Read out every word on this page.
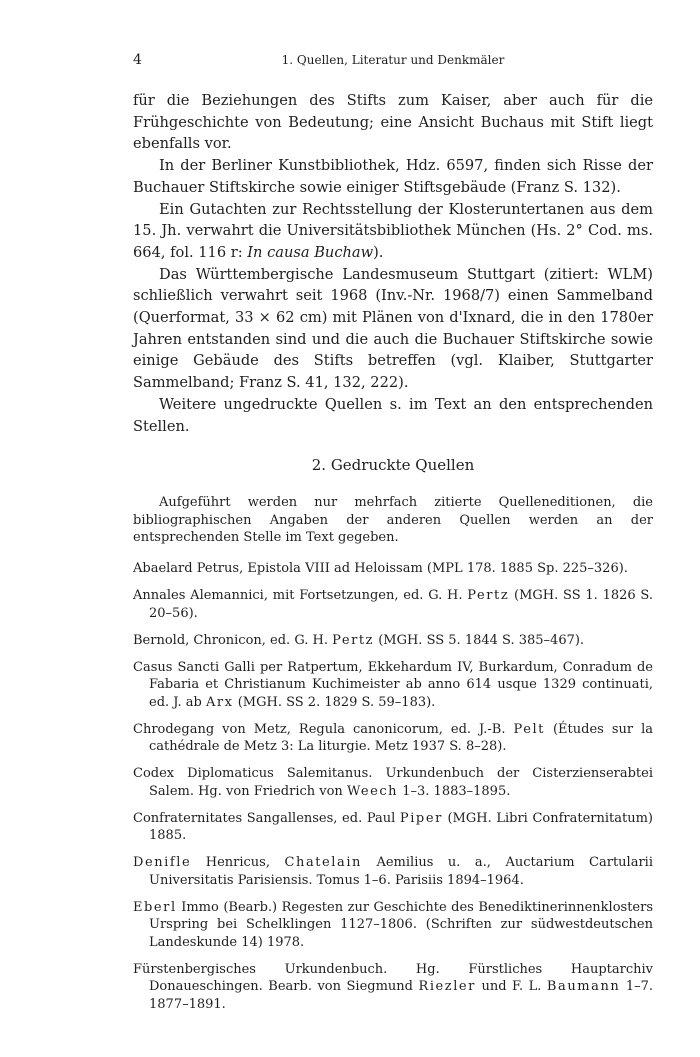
4	1. Quellen, Literatur und Denkmäler

für die Beziehungen des Stifts zum Kaiser, aber auch für die Frühgeschichte von Bedeutung; eine Ansicht Buchaus mit Stift liegt ebenfalls vor.

In der Berliner Kunstbibliothek, Hdz. 6597, finden sich Risse der Buchauer Stiftskirche sowie einiger Stiftsgebäude (Franz S. 132).

Ein Gutachten zur Rechtsstellung der Klosteruntertanen aus dem 15. Jh. verwahrt die Universitätsbibliothek München (Hs. 2° Cod. ms. 664, fol. 116 r: In causa Buchaw).

Das Württembergische Landesmuseum Stuttgart (zitiert: WLM) schließlich verwahrt seit 1968 (Inv.-Nr. 1968/7) einen Sammelband (Querformat, 33 × 62 cm) mit Plänen von d'Ixnard, die in den 1780er Jahren entstanden sind und die auch die Buchauer Stiftskirche sowie einige Gebäude des Stifts betreffen (vgl. Klaiber, Stuttgarter Sammelband; Franz S. 41, 132, 222).

Weitere ungedruckte Quellen s. im Text an den entsprechenden Stellen.

2. Gedruckte Quellen

Aufgeführt werden nur mehrfach zitierte Quelleneditionen, die bibliographischen Angaben der anderen Quellen werden an der entsprechenden Stelle im Text gegeben.

Abaelard Petrus, Epistola VIII ad Heloissam (MPL 178. 1885 Sp. 225–326).
Annales Alemannici, mit Fortsetzungen, ed. G. H. Pertz (MGH. SS 1. 1826 S. 20–56).
Bernold, Chronicon, ed. G. H. Pertz (MGH. SS 5. 1844 S. 385–467).
Casus Sancti Galli per Ratpertum, Ekkehardum IV, Burkardum, Conradum de Fabaria et Christianum Kuchimeister ab anno 614 usque 1329 continuati, ed. J. ab Arx (MGH. SS 2. 1829 S. 59–183).
Chrodegang von Metz, Regula canonicorum, ed. J.-B. Pelt (Études sur la cathédrale de Metz 3: La liturgie. Metz 1937 S. 8–28).
Codex Diplomaticus Salemitanus. Urkundenbuch der Cisterzienserabtei Salem. Hg. von Friedrich von Weech 1–3. 1883–1895.
Confraternitates Sangallenses, ed. Paul Piper (MGH. Libri Confraternitatum) 1885.
Denifle Henricus, Chatelain Aemilius u. a., Auctarium Cartularii Universitatis Parisiensis. Tomus 1–6. Parisiis 1894–1964.
Eberl Immo (Bearb.) Regesten zur Geschichte des Benediktinerinnenklosters Urspring bei Schelklingen 1127–1806. (Schriften zur südwestdeutschen Landeskunde 14) 1978.
Fürstenbergisches Urkundenbuch. Hg. Fürstliches Hauptarchiv Donaueschingen. Bearb. von Siegmund Riezler und F. L. Baumann 1–7. 1877–1891.
